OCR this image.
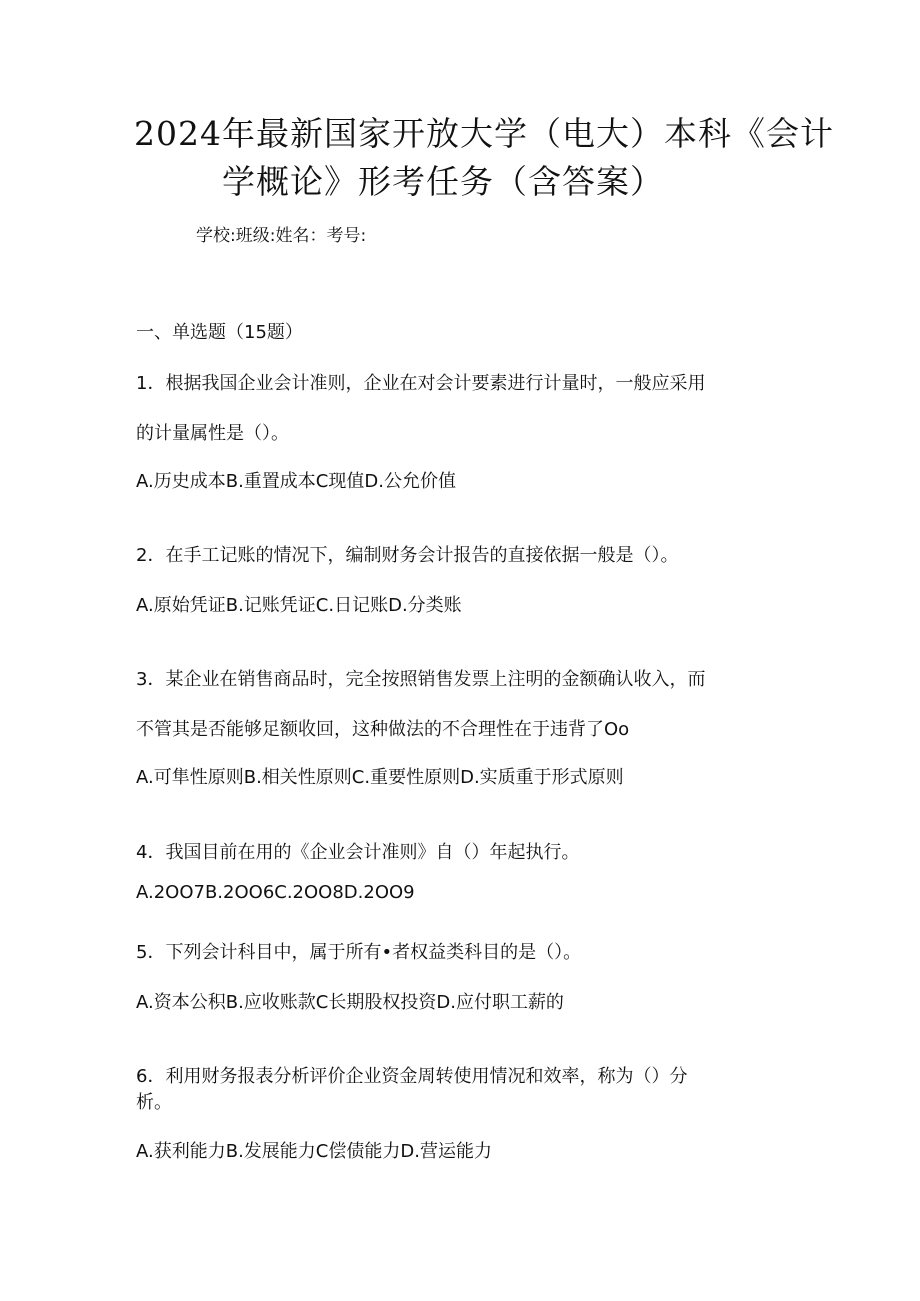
2024年最新国家开放大学（电大）本科《会计
学概论》形考任务（含答案）
学校:班级:姓名：考号:
一、单选题（15题）
1．根据我国企业会计准则，企业在对会计要素进行计量时，一般应采用
的计量属性是（）。
A.历史成本B.重置成本C现值D.公允价值
2．在手工记账的情况下，编制财务会计报告的直接依据一般是（）。
A.原始凭证B.记账凭证C.日记账D.分类账
3．某企业在销售商品时，完全按照销售发票上注明的金额确认收入，而
不管其是否能够足额收回，这种做法的不合理性在于违背了Oo
A.可隼性原则B.相关性原则C.重要性原则D.实质重于形式原则
4．我国目前在用的《企业会计准则》自（）年起执行。
A.2OO7B.2OO6C.2OO8D.2OO9
5．下列会计科目中，属于所有•者权益类科目的是（）。
A.资本公积B.应收账款C长期股权投资D.应付职工薪的
6．利用财务报表分析评价企业资金周转使用情况和效率，称为（）分
析。
A.获利能力B.发展能力C偿债能力D.营运能力
